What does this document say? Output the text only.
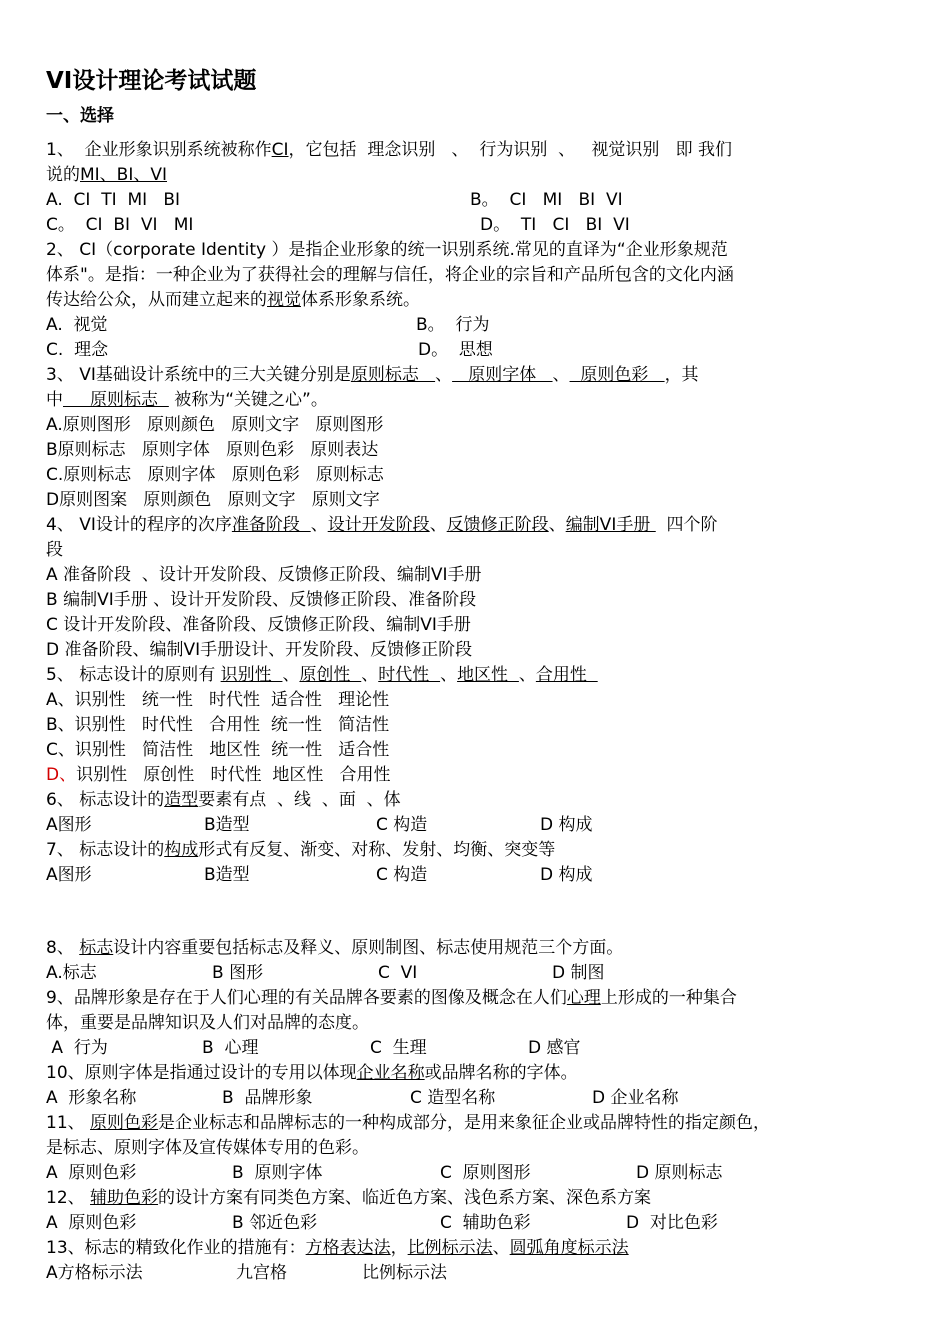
VI设计理论考试试题
一、选择
1、  企业形象识别系统被称作CI，它包括  理念识别   、  行为识别  、   视觉识别   即 我们
说的MI、BI、VI
A.  CI  TI  MI   BI	B。  CI   MI   BI  VI
C。  CI  BI  VI   MI	D。  TI   CI   BI  VI
2、 CI（corporate Identity ）是指企业形象的统一识别系统.常见的直译为“企业形象规范
体系"。是指：一种企业为了获得社会的理解与信任，将企业的宗旨和产品所包含的文化内涵
传达给公众，从而建立起来的视觉体系形象系统。
A.  视觉	B。  行为
C.  理念	D。  思想
3、 VI基础设计系统中的三大关键分别是原则标志   、   原则字体   、  原则色彩   ，其
中     原则标志   被称为“关键之心”。
A.原则图形   原则颜色   原则文字   原则图形
B原则标志   原则字体   原则色彩   原则表达
C.原则标志   原则字体   原则色彩   原则标志
D原则图案   原则颜色   原则文字   原则文字
4、 VI设计的程序的次序准备阶段  、设计开发阶段、反馈修正阶段、编制VI手册   四个阶
段
A 准备阶段  、设计开发阶段、反馈修正阶段、编制VI手册
B 编制VI手册 、设计开发阶段、反馈修正阶段、准备阶段
C 设计开发阶段、准备阶段、反馈修正阶段、编制VI手册
D 准备阶段、编制VI手册设计、开发阶段、反馈修正阶段
5、 标志设计的原则有 识别性  、原创性  、时代性  、地区性  、合用性
A、识别性   统一性   时代性  适合性   理论性
B、识别性   时代性   合用性  统一性   简洁性
C、识别性   简洁性   地区性  统一性   适合性
D、识别性   原创性   时代性  地区性   合用性
6、 标志设计的造型要素有点  、线  、面  、体
A图形	B造型	C 构造	D 构成
7、 标志设计的构成形式有反复、渐变、对称、发射、均衡、突变等
A图形	B造型	C 构造	D 构成
8、 标志设计内容重要包括标志及释义、原则制图、标志使用规范三个方面。
A.标志	B 图形	C  VI	D 制图
9、品牌形象是存在于人们心理的有关品牌各要素的图像及概念在人们心理上形成的一种集合
体，重要是品牌知识及人们对品牌的态度。
A  行为	B  心理	C  生理	D 感官
10、原则字体是指通过设计的专用以体现企业名称或品牌名称的字体。
A  形象名称	B  品牌形象	C 造型名称	D 企业名称
11、 原则色彩是企业标志和品牌标志的一种构成部分，是用来象征企业或品牌特性的指定颜色，
是标志、原则字体及宣传媒体专用的色彩。
A  原则色彩	B  原则字体	C  原则图形	D 原则标志
12、 辅助色彩的设计方案有同类色方案、临近色方案、浅色系方案、深色系方案
A  原则色彩	B 邻近色彩	C  辅助色彩	D  对比色彩
13、标志的精致化作业的措施有：方格表达法，比例标示法、圆弧角度标示法
A方格标示法	九宫格	比例标示法
